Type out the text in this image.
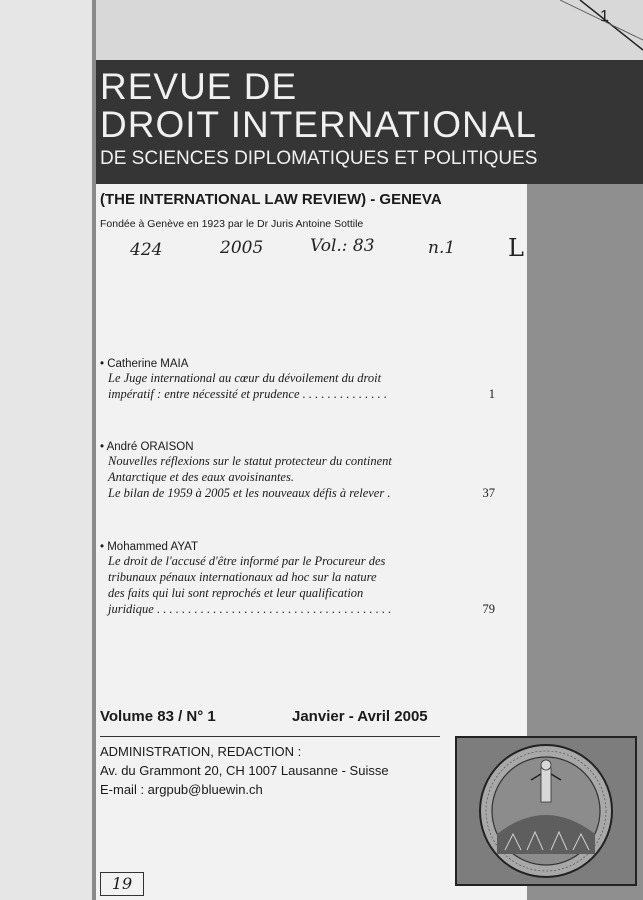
1
REVUE DE
DROIT INTERNATIONAL
DE SCIENCES DIPLOMATIQUES ET POLITIQUES
(THE INTERNATIONAL LAW REVIEW) - GENEVA
Fondée à Genève en 1923 par le Dr Juris Antoine Sottile
424	2005	Vol.: 83	n.1 L
• Catherine MAIA
Le Juge international au cœur du dévoilement du droit
impératif : entre nécessité et prudence . . . . . . . . . . . . . .	1
• André ORAISON
Nouvelles réflexions sur le statut protecteur du continent
Antarctique et des eaux avoisinantes.
Le bilan de 1959 à 2005 et les nouveaux défis à relever .	37
• Mohammed AYAT
Le droit de l'accusé d'être informé par le Procureur des
tribunaux pénaux internationaux ad hoc sur la nature
des faits qui lui sont reprochés et leur qualification
juridique . . . . . . . . . . . . . . . . . . . . . . . . . . . . . . . . . . . . . .	79
Volume 83 / N° 1	Janvier - Avril 2005
ADMINISTRATION, REDACTION :
Av. du Grammont 20, CH 1007 Lausanne - Suisse
E-mail : argpub@bluewin.ch
19
